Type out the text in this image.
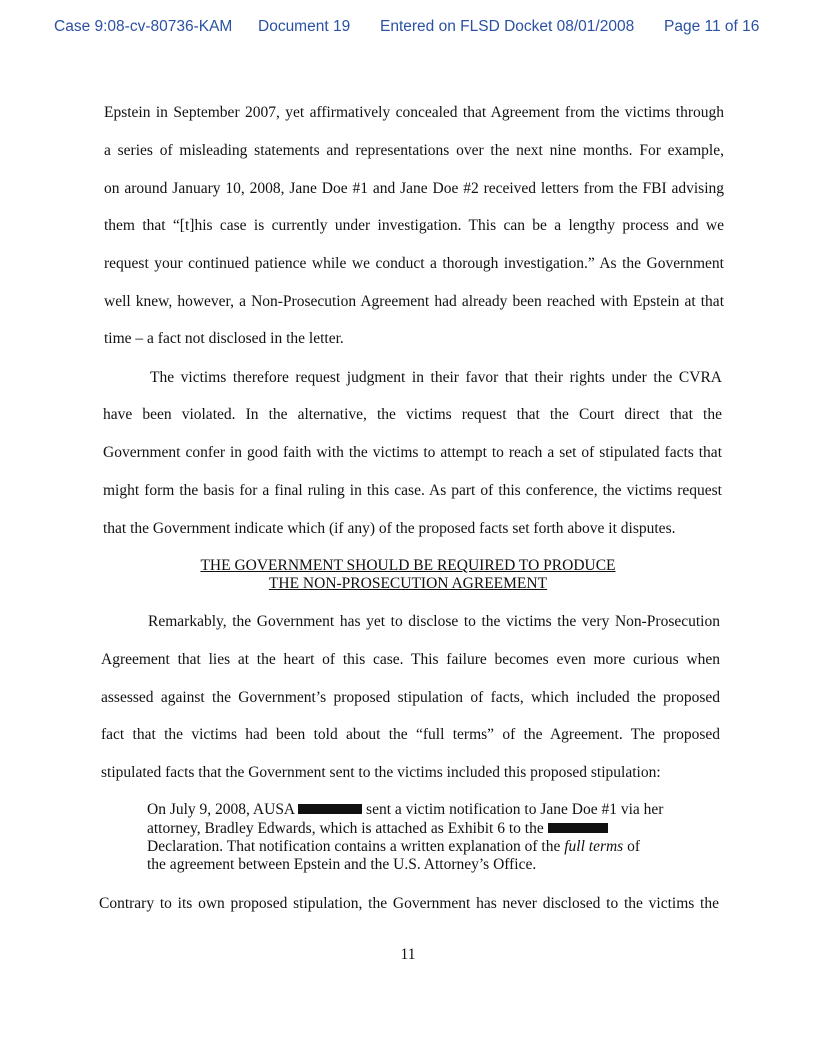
Case 9:08-cv-80736-KAM Document 19 Entered on FLSD Docket 08/01/2008 Page 11 of 16
Epstein in September 2007, yet affirmatively concealed that Agreement from the victims through
a series of misleading statements and representations over the next nine months. For example,
on around January 10, 2008, Jane Doe #1 and Jane Doe #2 received letters from the FBI advising
them that “[t]his case is currently under investigation. This can be a lengthy process and we
request your continued patience while we conduct a thorough investigation.” As the Government
well knew, however, a Non-Prosecution Agreement had already been reached with Epstein at that
time – a fact not disclosed in the letter.
The victims therefore request judgment in their favor that their rights under the CVRA
have been violated. In the alternative, the victims request that the Court direct that the
Government confer in good faith with the victims to attempt to reach a set of stipulated facts that
might form the basis for a final ruling in this case. As part of this conference, the victims request
that the Government indicate which (if any) of the proposed facts set forth above it disputes.
THE GOVERNMENT SHOULD BE REQUIRED TO PRODUCE
THE NON-PROSECUTION AGREEMENT
Remarkably, the Government has yet to disclose to the victims the very Non-Prosecution
Agreement that lies at the heart of this case. This failure becomes even more curious when
assessed against the Government’s proposed stipulation of facts, which included the proposed
fact that the victims had been told about the “full terms” of the Agreement. The proposed
stipulated facts that the Government sent to the victims included this proposed stipulation:
On July 9, 2008, AUSA	sent a victim notification to Jane Doe #1 via her
attorney, Bradley Edwards, which is attached as Exhibit 6 to the
Declaration. That notification contains a written explanation of the full terms of
the agreement between Epstein and the U.S. Attorney’s Office.
Contrary to its own proposed stipulation, the Government has never disclosed to the victims the
11
